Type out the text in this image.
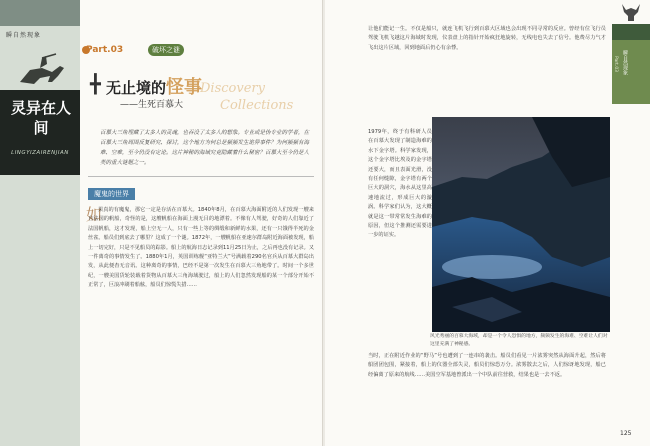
瞬自然现象
灵异在人间
LINGYIZAIRENJIAN
Part.03	破坏之谜
╋ 无止境的怪事
Discovery
Collections
——生死百慕大
百慕大三角埋藏了太多人的灵魂，也吞没了太多人的想象。专业或是伪专业的学者，在百慕大三角周围反复研究、探讨，这个地方为何总是频频发生诡异事件？为何频频有海难、空难，至今仍没有定论。这片神秘的海域究竟隐藏着什么秘密？百慕大至今仍是人类的重大谜题之一。
魔鬼的世界
如
果真的有魔鬼，那它一定是存活在百慕大。1840年8月，在百慕大海面附近的人们发现一艘来自法国的帆船，奇怪的是，这艘帆船在海面上漫无目的地漂着。不像有人驾驶，好奇的人们靠近了法国帆船，这才发现，船上空无一人，只有一些上等的绸缎和新鲜的水果，还有一只饿得半死的金丝雀。船员们到底去了哪里？这成了一个谜。1872年，一艘帆船在亚速尔群岛附近海面被发现，船上一切完好，只是不见船员的踪影。船上的航海日志记录到11月25日为止，之后再也没有记录。又一件离奇的事情发生了。1880年1月，英国训练舰“亚特兰大”号满载着290名官兵从百慕大群岛出发，从此便杳无音讯。这种离奇的事情，巴经不是第一次发生在百慕大三角地带了。时间一个多世纪，一艘美国货轮装载着货物从百慕大三角海域驶过，船上的人们忽然发现船的某一个部分开始不正常了，巨浪冲刷着船舷，船员们惊慌失措……
让他们能记一生。不仅是船只，就连飞机飞行到百慕大区域也会出现不同寻常的反应。曾经有位飞行员驾驶飞机飞越这片海域时发现，仪表盘上的指针开始疯狂地旋转，无线电也失去了信号。他费尽力气才飞出这片区域，回到地面后仍心有余悸。
1979年，终于有科研人员在百慕大发现了制造海难的水下金字塔。科学家发现，这个金字塔比埃及的金字塔还要大，而且表面光滑，没有任何缝隙，金字塔有两个巨大的洞穴，海水从这里高速地流过，形成巨大的漩涡。科学家们认为，这大概就是这一带常常发生海难的原因，但这个推测还需要进一步的证实。
风光秀丽的百慕大海域，却是一个令人恐惧的地方，频频发生的海难、空难让人们对这里充满了神秘感。
当时，正在附近作业的“野马”号也遭到了一连串的袭击。船员们看见一片浓雾突然从海面升起，然后将船团团包围，紧接着，船上的仪器全部失灵，船员们惊恐万分。浓雾散去之后，人们惊讶地发现，船已经偏离了原来的航线……美国空军基地曾派出一个中队前往营救，结果也是一去不返。
Part.03 瞬自然现象
125
